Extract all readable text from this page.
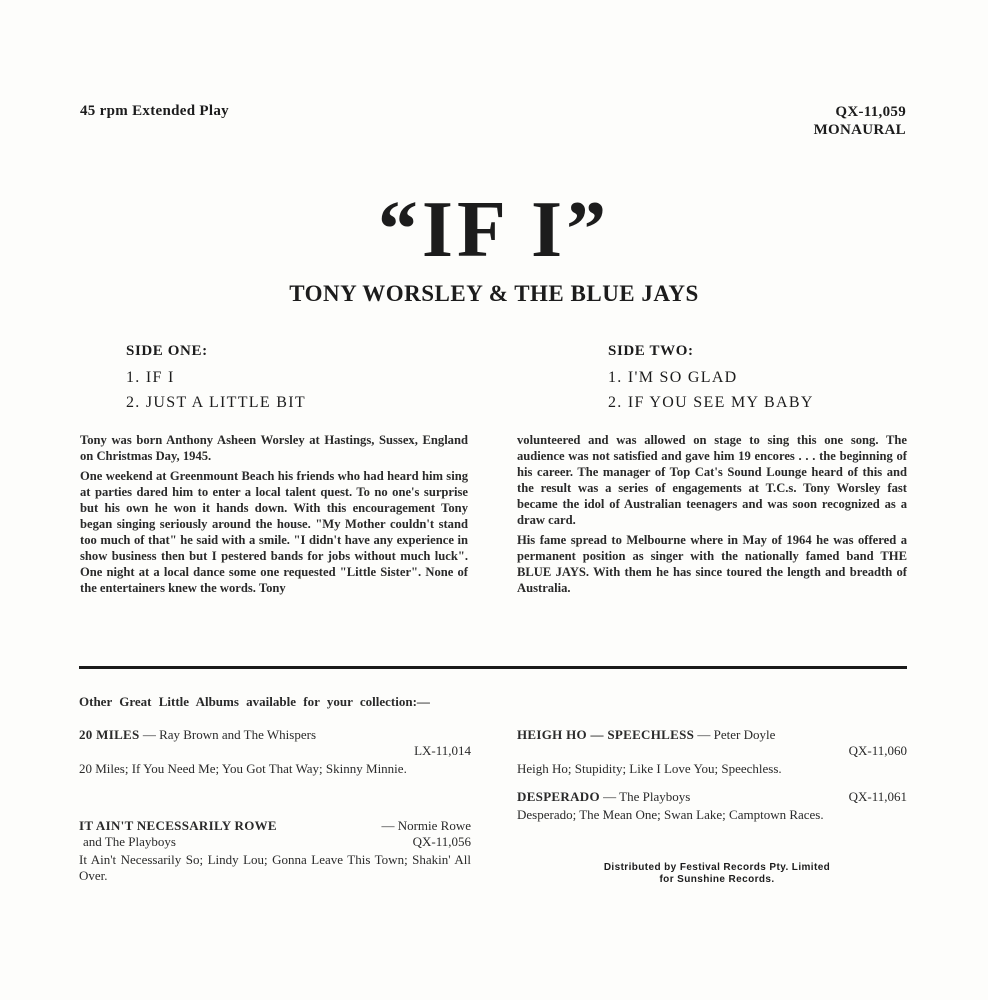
45 rpm Extended Play	QX-11,059
MONAURAL
“IF I”
TONY WORSLEY & THE BLUE JAYS
SIDE ONE:
1. IF I
2. JUST A LITTLE BIT
SIDE TWO:
1. I'M SO GLAD
2. IF YOU SEE MY BABY

Tony was born Anthony Asheen Worsley at Hastings, Sussex, England on Christmas Day, 1945.

One weekend at Greenmount Beach his friends who had heard him sing at parties dared him to enter a local talent quest. To no one's surprise but his own he won it hands down. With this encouragement Tony began singing seriously around the house. "My Mother couldn't stand too much of that" he said with a smile. "I didn't have any experience in show business then but I pestered bands for jobs without much luck". One night at a local dance some one requested "Little Sister". None of the entertainers knew the words. Tony

volunteered and was allowed on stage to sing this one song. The audience was not satisfied and gave him 19 encores . . . the beginning of his career. The manager of Top Cat's Sound Lounge heard of this and the result was a series of engagements at T.C.s. Tony Worsley fast became the idol of Australian teenagers and was soon recognized as a draw card.

His fame spread to Melbourne where in May of 1964 he was offered a permanent position as singer with the nationally famed band THE BLUE JAYS. With them he has since toured the length and breadth of Australia.

Other Great Little Albums available for your collection:—
20 MILES — Ray Brown and The Whispers
LX-11,014
20 Miles; If You Need Me; You Got That Way; Skinny Minnie.
IT AIN'T NECESSARILY ROWE	— Normie Rowe
and The Playboys	QX-11,056
It Ain't Necessarily So; Lindy Lou; Gonna Leave This Town; Shakin' All Over.
HEIGH HO — SPEECHLESS — Peter Doyle
QX-11,060
Heigh Ho; Stupidity; Like I Love You; Speechless.
DESPERADO — The Playboys	QX-11,061
Desperado; The Mean One; Swan Lake; Camptown Races.
Distributed by Festival Records Pty. Limited
for Sunshine Records.
